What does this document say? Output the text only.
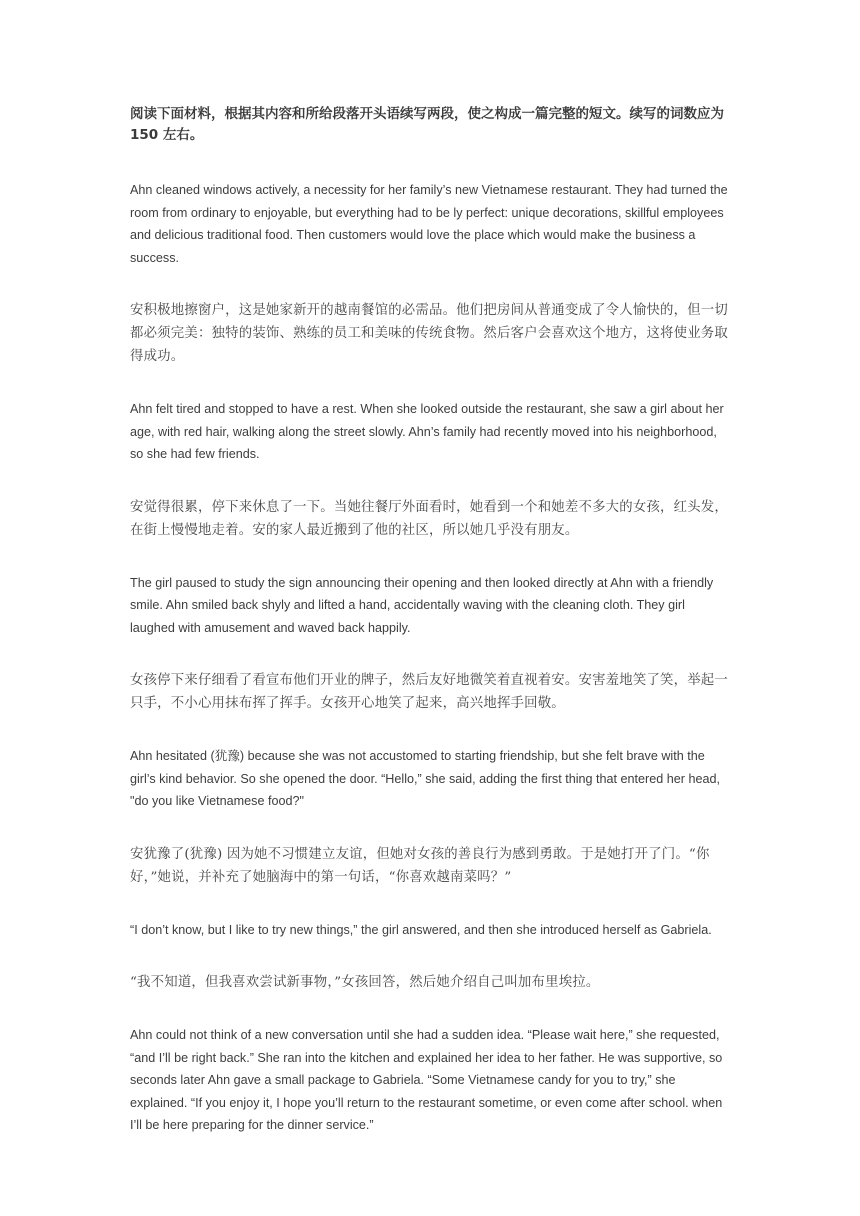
阅读下面材料，根据其内容和所给段落开头语续写两段，使之构成一篇完整的短文。续写的词数应为 150 左右。

Ahn cleaned windows actively, a necessity for her family’s new Vietnamese restaurant. They had turned the room from ordinary to enjoyable, but everything had to be ly perfect: unique decorations, skillful employees and delicious traditional food. Then customers would love the place which would make the business a success.

安积极地擦窗户，这是她家新开的越南餐馆的必需品。他们把房间从普通变成了令人愉快的，但一切都必须完美：独特的装饰、熟练的员工和美味的传统食物。然后客户会喜欢这个地方，这将使业务取得成功。

Ahn felt tired and stopped to have a rest. When she looked outside the restaurant, she saw a girl about her age, with red hair, walking along the street slowly. Ahn’s family had recently moved into his neighborhood, so she had few friends.

安觉得很累，停下来休息了一下。当她往餐厅外面看时，她看到一个和她差不多大的女孩，红头发，在街上慢慢地走着。安的家人最近搬到了他的社区，所以她几乎没有朋友。

The girl paused to study the sign announcing their opening and then looked directly at Ahn with a friendly smile. Ahn smiled back shyly and lifted a hand, accidentally waving with the cleaning cloth. They girl laughed with amusement and waved back happily.

女孩停下来仔细看了看宣布他们开业的牌子，然后友好地微笑着直视着安。安害羞地笑了笑，举起一只手，不小心用抹布挥了挥手。女孩开心地笑了起来，高兴地挥手回敬。

Ahn hesitated (犹豫) because she was not accustomed to starting friendship, but she felt brave with the girl’s kind behavior. So she opened the door. “Hello,” she said, adding the first thing that entered her head, "do you like Vietnamese food?"

安犹豫了(犹豫) 因为她不习惯建立友谊，但她对女孩的善良行为感到勇敢。于是她打开了门。“你好，”她说，并补充了她脑海中的第一句话，“你喜欢越南菜吗？”

“I don’t know, but I like to try new things,” the girl answered, and then she introduced herself as Gabriela.

“我不知道，但我喜欢尝试新事物，”女孩回答，然后她介绍自己叫加布里埃拉。

Ahn could not think of a new conversation until she had a sudden idea. “Please wait here,” she requested, “and I’ll be right back.” She ran into the kitchen and explained her idea to her father. He was supportive, so seconds later Ahn gave a small package to Gabriela. “Some Vietnamese candy for you to try,” she explained. “If you enjoy it, I hope you’ll return to the restaurant sometime, or even come after school. when I’ll be here preparing for the dinner service.”
